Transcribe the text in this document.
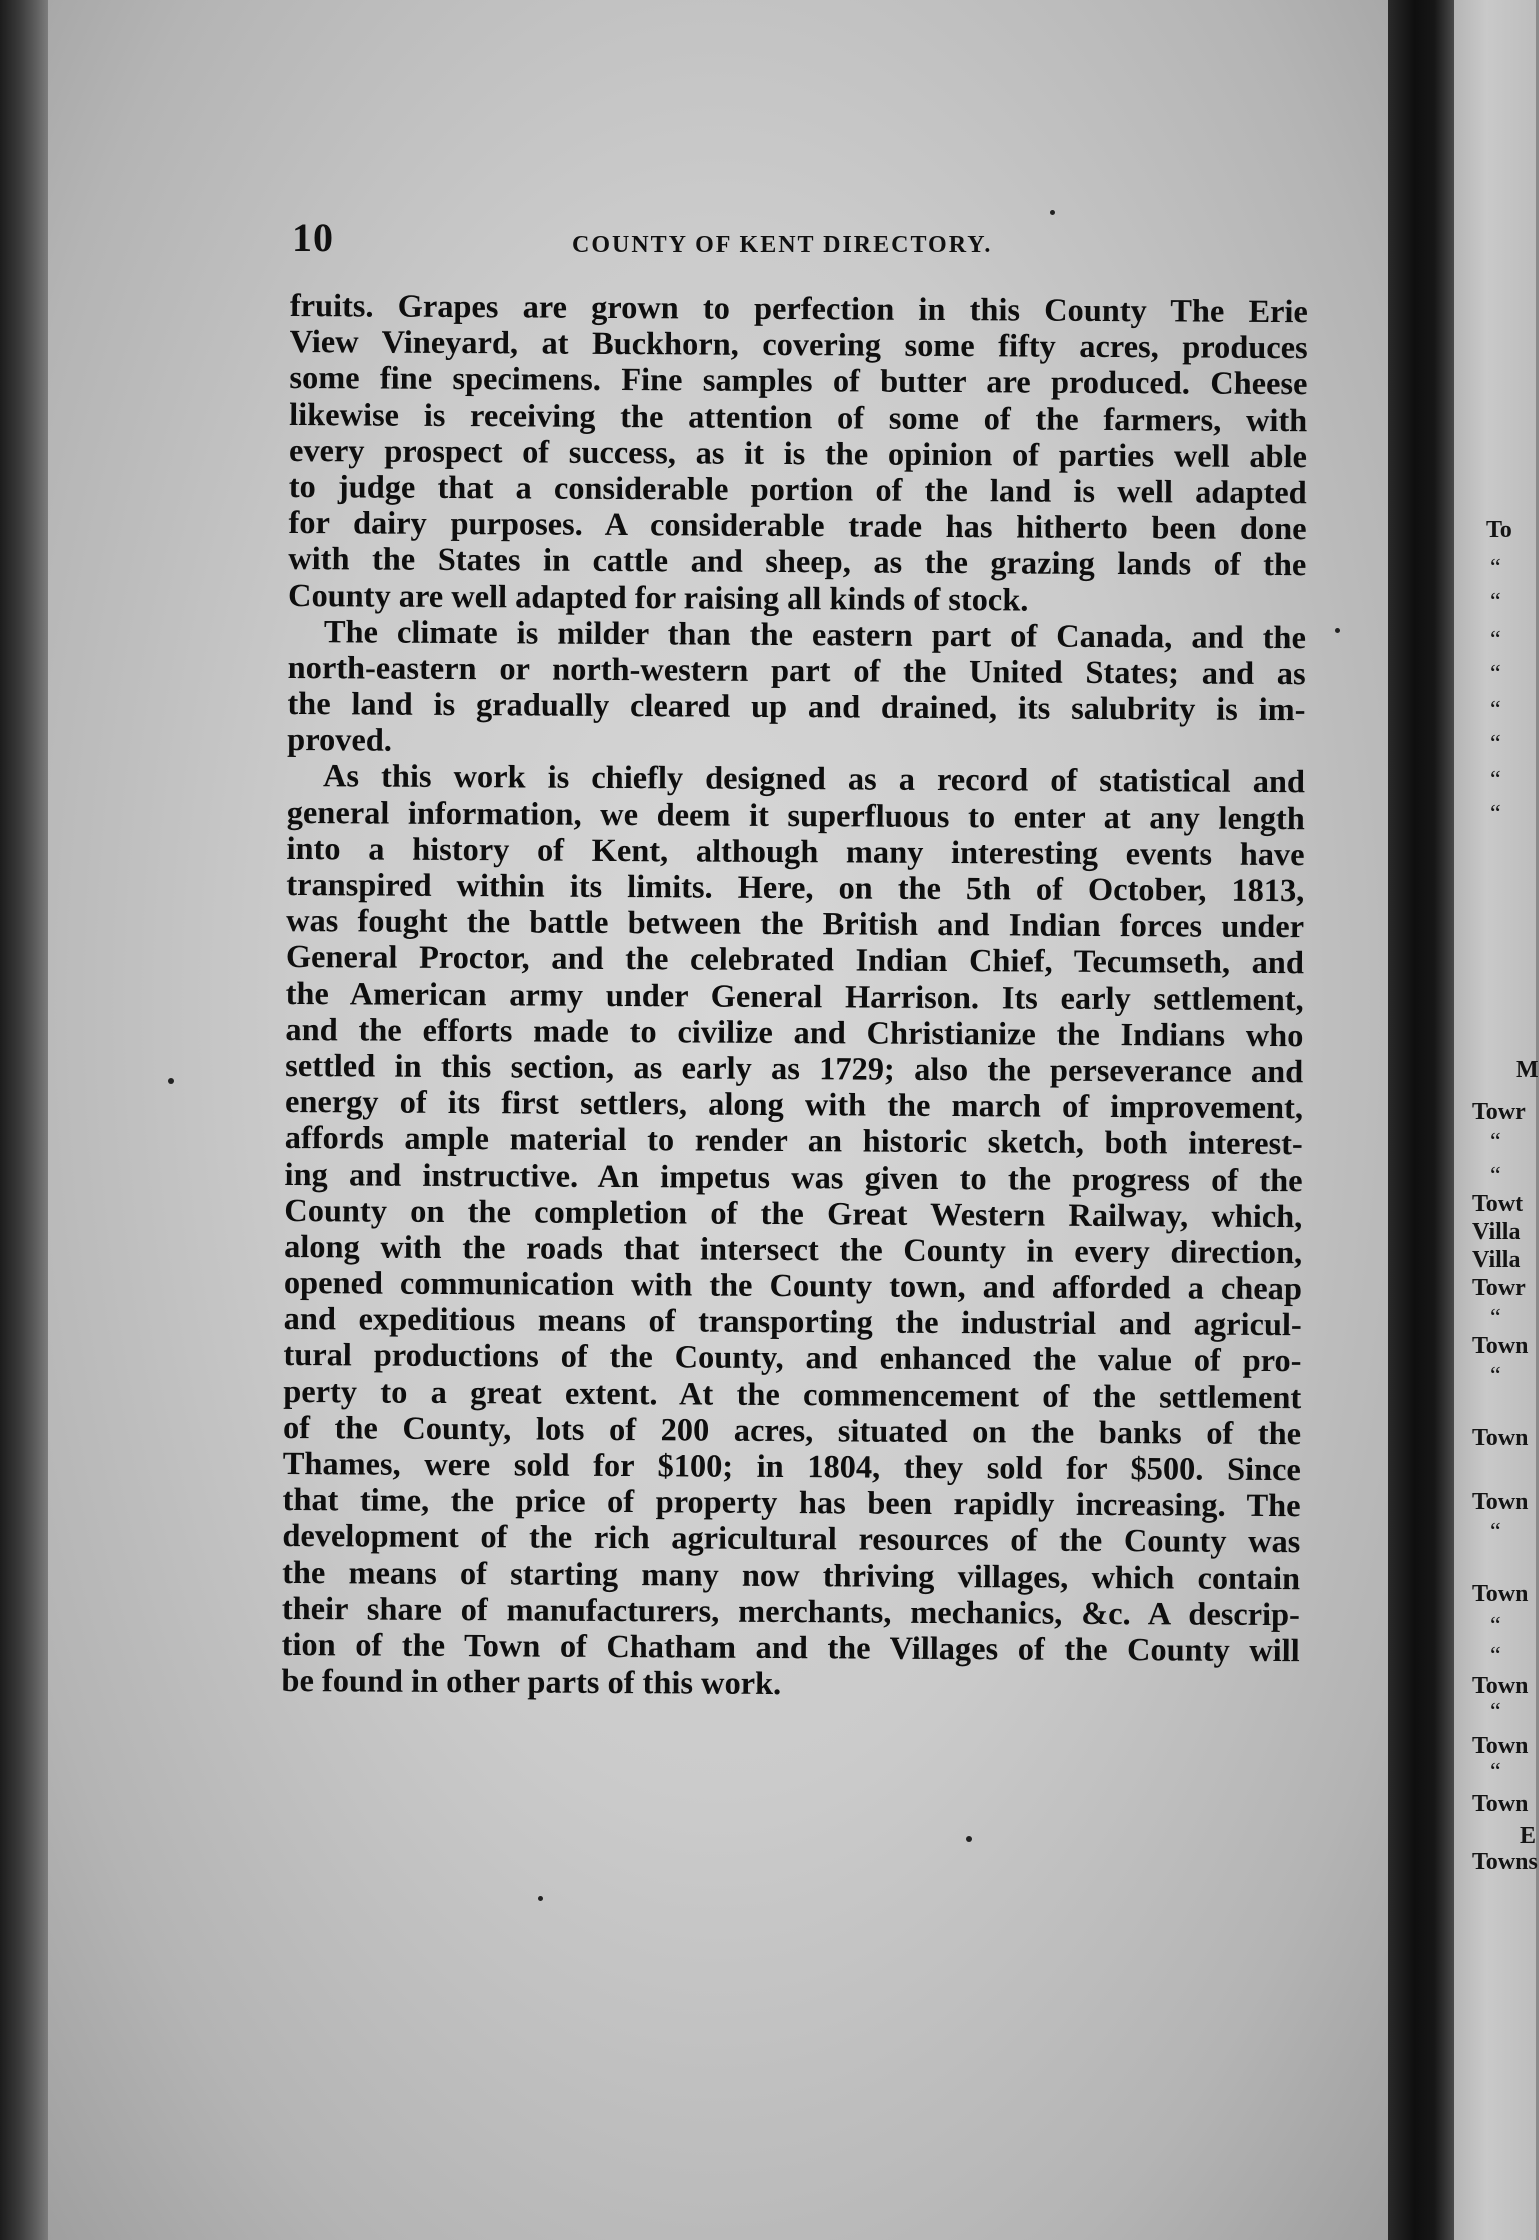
10	COUNTY OF KENT DIRECTORY.
fruits. Grapes are grown to perfection in this County The Erie
View Vineyard, at Buckhorn, covering some fifty acres, produces
some fine specimens. Fine samples of butter are produced. Cheese
likewise is receiving the attention of some of the farmers, with
every prospect of success, as it is the opinion of parties well able
to judge that a considerable portion of the land is well adapted
for dairy purposes. A considerable trade has hitherto been done
with the States in cattle and sheep, as the grazing lands of the
County are well adapted for raising all kinds of stock.
The climate is milder than the eastern part of Canada, and the
north-eastern or north-western part of the United States; and as
the land is gradually cleared up and drained, its salubrity is im-
proved.
As this work is chiefly designed as a record of statistical and
general information, we deem it superfluous to enter at any length
into a history of Kent, although many interesting events have
transpired within its limits. Here, on the 5th of October, 1813,
was fought the battle between the British and Indian forces under
General Proctor, and the celebrated Indian Chief, Tecumseth, and
the American army under General Harrison. Its early settlement,
and the efforts made to civilize and Christianize the Indians who
settled in this section, as early as 1729; also the perseverance and
energy of its first settlers, along with the march of improvement,
affords ample material to render an historic sketch, both interest-
ing and instructive. An impetus was given to the progress of the
County on the completion of the Great Western Railway, which,
along with the roads that intersect the County in every direction,
opened communication with the County town, and afforded a cheap
and expeditious means of transporting the industrial and agricul-
tural productions of the County, and enhanced the value of pro-
perty to a great extent. At the commencement of the settlement
of the County, lots of 200 acres, situated on the banks of the
Thames, were sold for $100; in 1804, they sold for $500. Since
that time, the price of property has been rapidly increasing. The
development of the rich agricultural resources of the County was
the means of starting many now thriving villages, which contain
their share of manufacturers, merchants, mechanics, &c. A descrip-
tion of the Town of Chatham and the Villages of the County will
be found in other parts of this work.
To
“
“
“
“
“
“
“
“
M
Towr
“
“
Towt
Villa
Villa
Towr
“
Town
“
Town
Town
“
Town
“
“
Town
“
Town
“
Town
E
Towns
